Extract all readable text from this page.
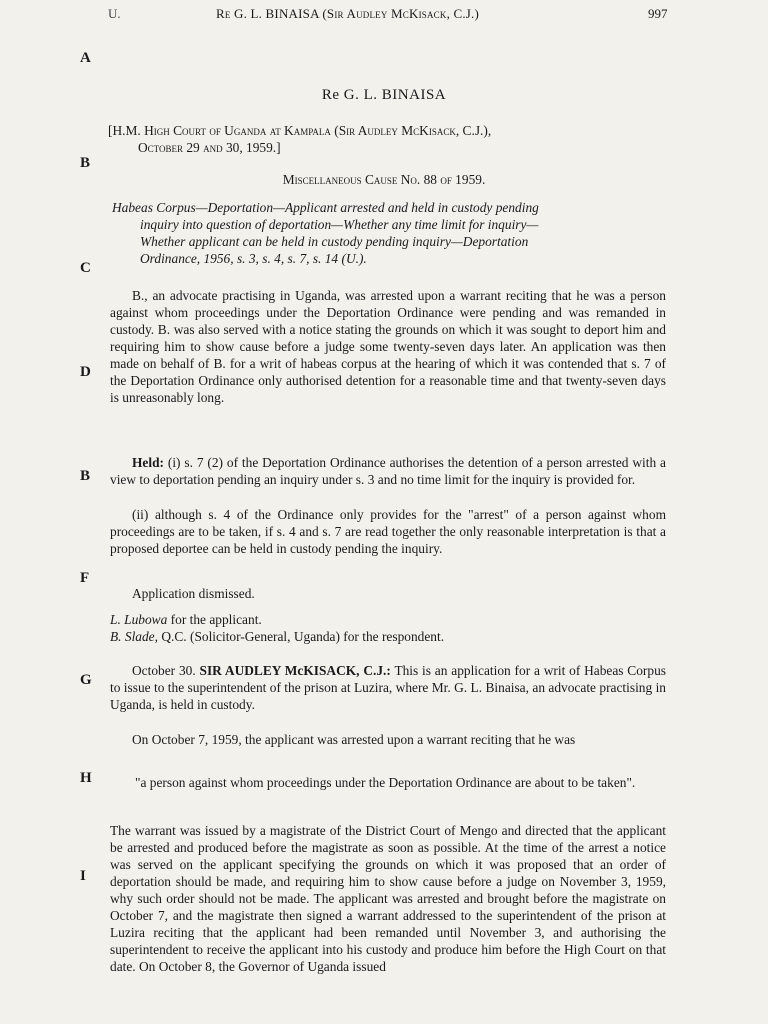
U.	Re G. L. BINAISA (Sir Audley McKisack, C.J.)	997
A
B
C
D
B
F
G
H
I
Re G. L. BINAISA
[H.M. High Court of Uganda at Kampala (Sir Audley McKisack, C.J.),
October 29 and 30, 1959.]
Miscellaneous Cause No. 88 of 1959.
Habeas Corpus—Deportation—Applicant arrested and held in custody pending
inquiry into question of deportation—Whether any time limit for inquiry—
Whether applicant can be held in custody pending inquiry—Deportation
Ordinance, 1956, s. 3, s. 4, s. 7, s. 14 (U.).
B., an advocate practising in Uganda, was arrested upon a warrant reciting that he was a person against whom proceedings under the Deportation Ordinance were pending and was remanded in custody. B. was also served with a notice stating the grounds on which it was sought to deport him and requiring him to show cause before a judge some twenty-seven days later. An application was then made on behalf of B. for a writ of habeas corpus at the hearing of which it was contended that s. 7 of the Deportation Ordinance only authorised detention for a reasonable time and that twenty-seven days is unreasonably long.
Held: (i) s. 7 (2) of the Deportation Ordinance authorises the detention of a person arrested with a view to deportation pending an inquiry under s. 3 and no time limit for the inquiry is provided for.
(ii) although s. 4 of the Ordinance only provides for the "arrest" of a person against whom proceedings are to be taken, if s. 4 and s. 7 are read together the only reasonable interpretation is that a proposed deportee can be held in custody pending the inquiry.
Application dismissed.
L. Lubowa for the applicant.
B. Slade, Q.C. (Solicitor-General, Uganda) for the respondent.
October 30. SIR AUDLEY McKISACK, C.J.: This is an application for a writ of Habeas Corpus to issue to the superintendent of the prison at Luzira, where Mr. G. L. Binaisa, an advocate practising in Uganda, is held in custody.
On October 7, 1959, the applicant was arrested upon a warrant reciting that he was
"a person against whom proceedings under the Deportation Ordinance are about to be taken".
The warrant was issued by a magistrate of the District Court of Mengo and directed that the applicant be arrested and produced before the magistrate as soon as possible. At the time of the arrest a notice was served on the applicant specifying the grounds on which it was proposed that an order of deportation should be made, and requiring him to show cause before a judge on November 3, 1959, why such order should not be made. The applicant was arrested and brought before the magistrate on October 7, and the magistrate then signed a warrant addressed to the superintendent of the prison at Luzira reciting that the applicant had been remanded until November 3, and authorising the superintendent to receive the applicant into his custody and produce him before the High Court on that date. On October 8, the Governor of Uganda issued
